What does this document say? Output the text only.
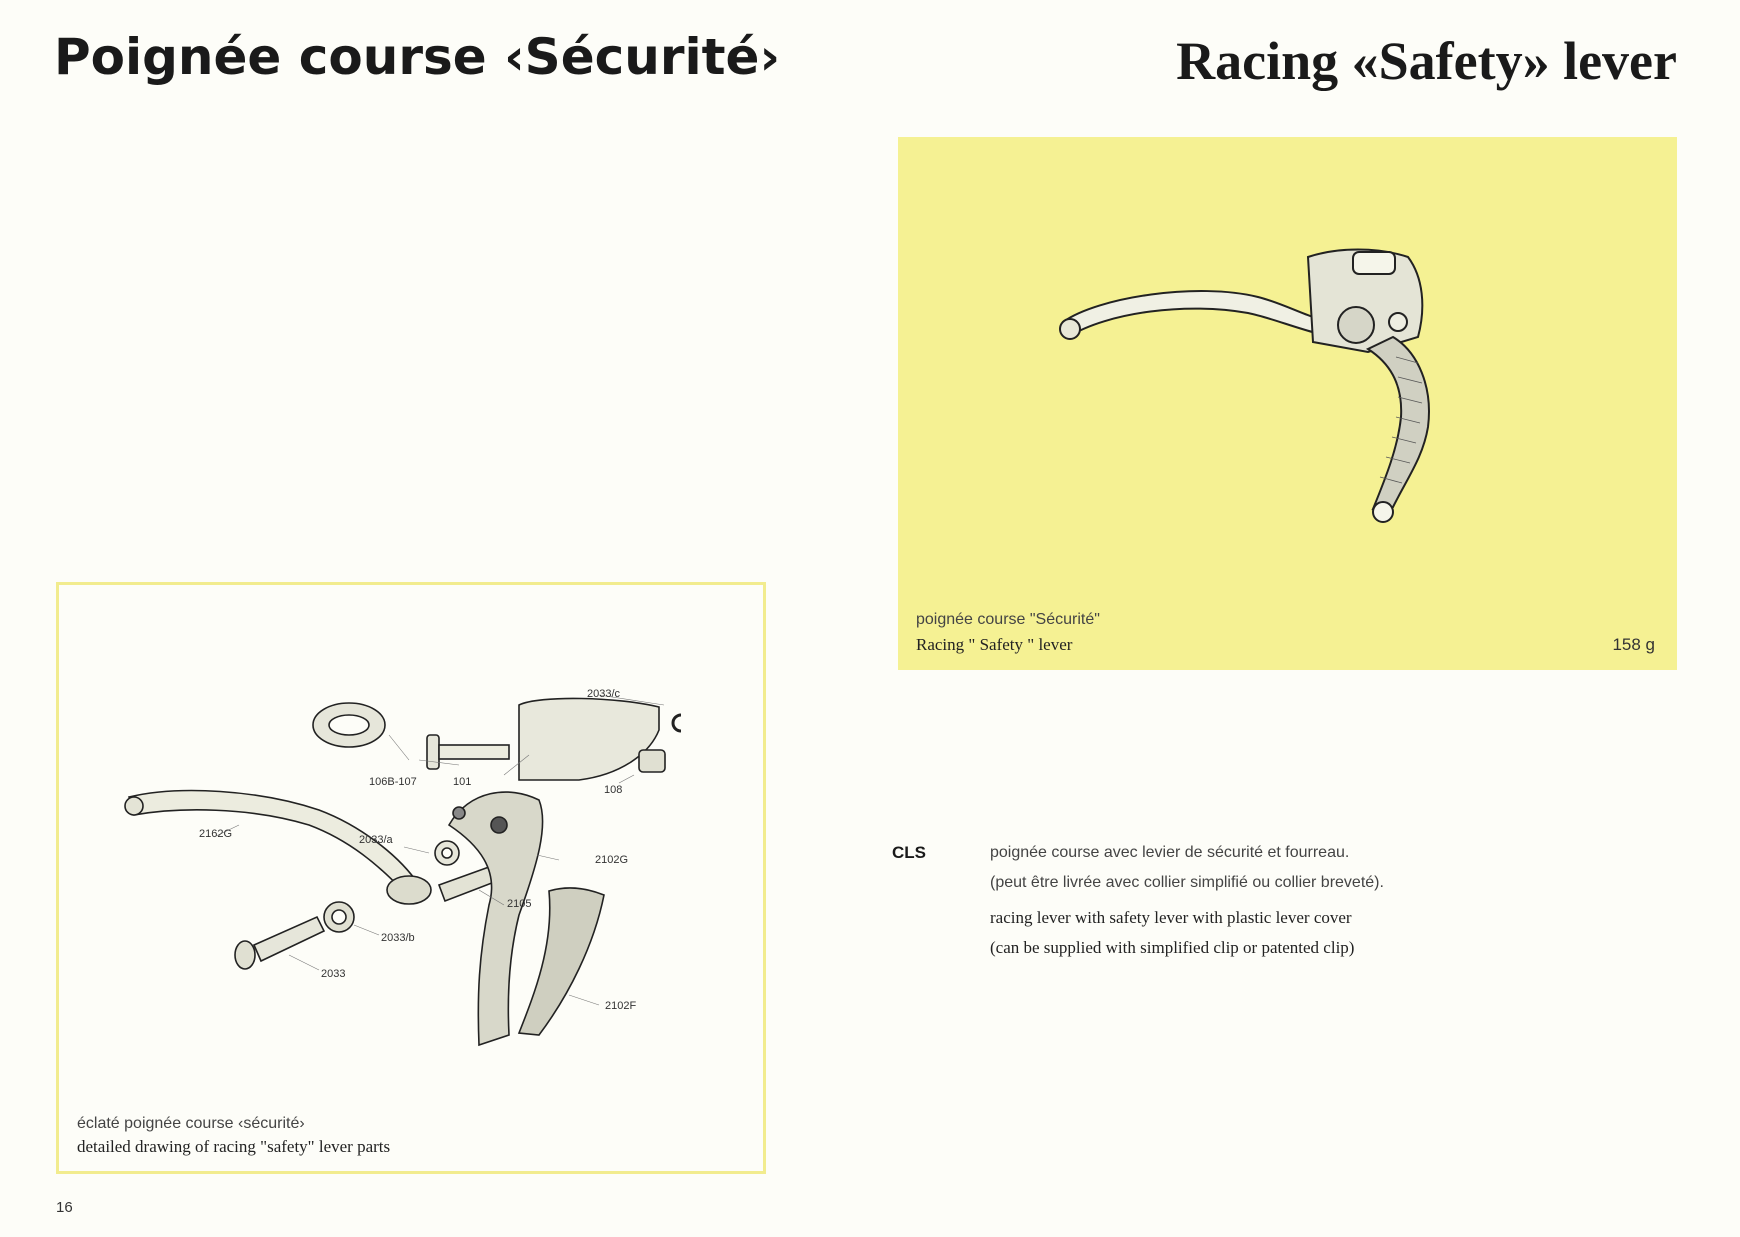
Poignée course ‹Sécurité›	Racing «Safety» lever
poignée course "Sécurité"
Racing " Safety " lever	158 g
2033/c
106B-107	101
108
2162G	2033/a
2102G
2105
2033/b
2033
2102F
éclaté poignée course ‹sécurité›
detailed drawing of racing "safety" lever parts
CLS	poignée course avec levier de sécurité et fourreau.
(peut être livrée avec collier simplifié ou collier breveté).
racing lever with safety lever with plastic lever cover
(can be supplied with simplified clip or patented clip)
16
